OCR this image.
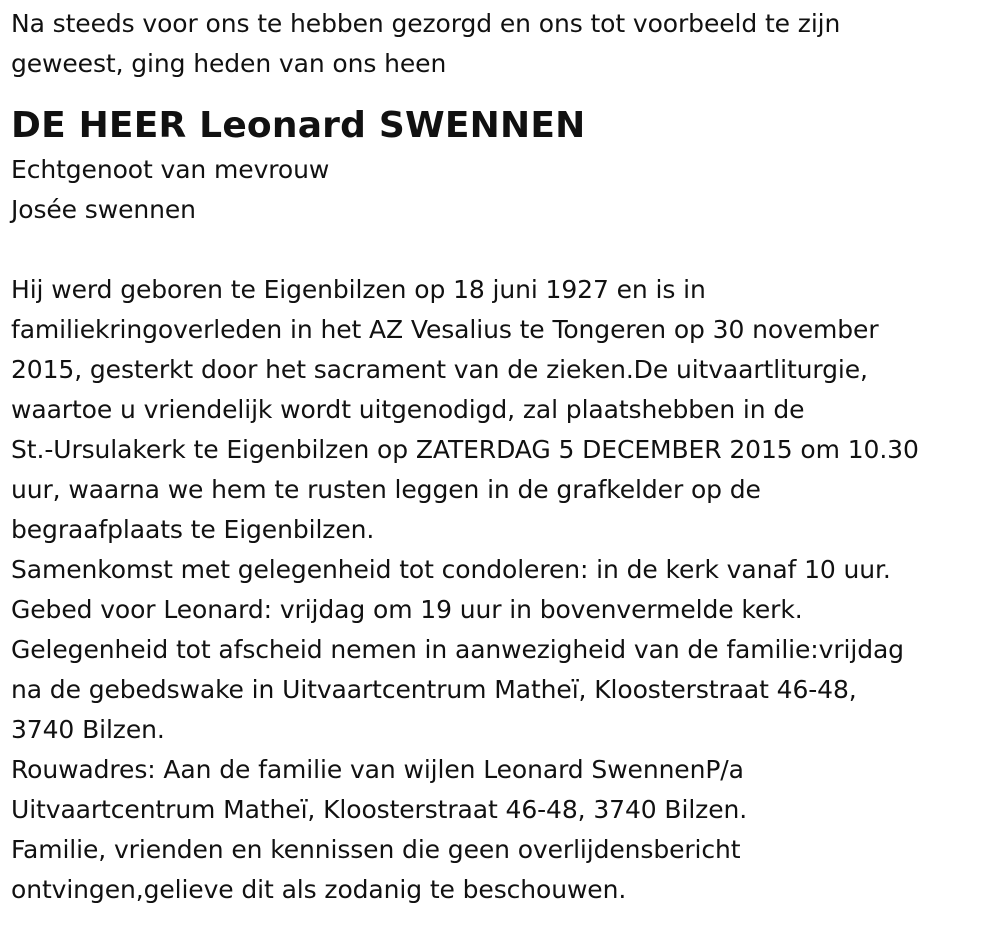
Na steeds voor ons te hebben gezorgd en ons tot voorbeeld te zijn
geweest, ging heden van ons heen
DE HEER Leonard SWENNEN
Echtgenoot van mevrouw
Josée swennen
Hij werd geboren te Eigenbilzen op 18 juni 1927 en is in
familiekringoverleden in het AZ Vesalius te Tongeren op 30 november
2015, gesterkt door het sacrament van de zieken.De uitvaartliturgie,
waartoe u vriendelijk wordt uitgenodigd, zal plaatshebben in de
St.-Ursulakerk te Eigenbilzen op ZATERDAG 5 DECEMBER 2015 om 10.30
uur, waarna we hem te rusten leggen in de grafkelder op de
begraafplaats te Eigenbilzen.
Samenkomst met gelegenheid tot condoleren: in de kerk vanaf 10 uur.
Gebed voor Leonard: vrijdag om 19 uur in bovenvermelde kerk.
Gelegenheid tot afscheid nemen in aanwezigheid van de familie:vrijdag
na de gebedswake in Uitvaartcentrum Matheï, Kloosterstraat 46-48,
3740 Bilzen.
Rouwadres: Aan de familie van wijlen Leonard SwennenP/a
Uitvaartcentrum Matheï, Kloosterstraat 46-48, 3740 Bilzen.
Familie, vrienden en kennissen die geen overlijdensbericht
ontvingen,gelieve dit als zodanig te beschouwen.
